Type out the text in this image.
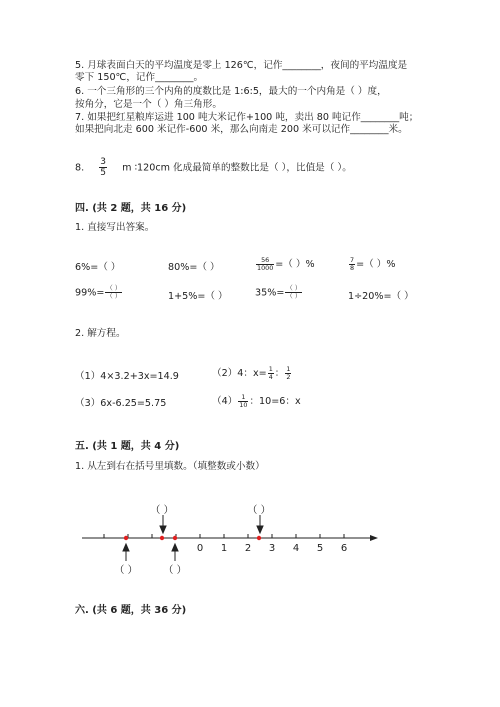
5. 月球表面白天的平均温度是零上 126℃，记作________，夜间的平均温度是
零下 150℃，记作________。
6. 一个三角形的三个内角的度数比是 1:6:5，最大的一个内角是（ ）度，
按角分，它是一个（ ）角三角形。
7. 如果把红星粮库运进 100 吨大米记作+100 吨，卖出 80 吨记作________吨；
如果把向北走 600 米记作-600 米，那么向南走 200 米可以记作________米。
8. $\frac{3}{5}$ m ∶120cm 化成最简单的整数比是（ ），比值是（ ）。
四. (共 2 题，共 16 分)
1. 直接写出答案。
6%=（ ）	80%=（ ）	$\frac{56}{1000}$ =（ ）%	$\frac{7}{8}$ =（ ）%
$99\%= \frac{( )}{( )}$	1+5%=（ ）	$35\%= \frac{( )}{( )}$	1÷20%=（ ）
2. 解方程。
（1）4×3.2+3x=14.9	（2）4：$x= \frac{1}{4}$ ： $\frac{1}{2}$
（3）6x-6.25=5.75	$(4) \frac{1}{10}$ ：10=6：x
五. (共 1 题，共 4 分)
1. 从左到右在括号里填数。（填整数或小数）
0 1 2 3 4 5 6
（ ）	（ ）
（ ）	（ ）
六. (共 6 题，共 36 分)
